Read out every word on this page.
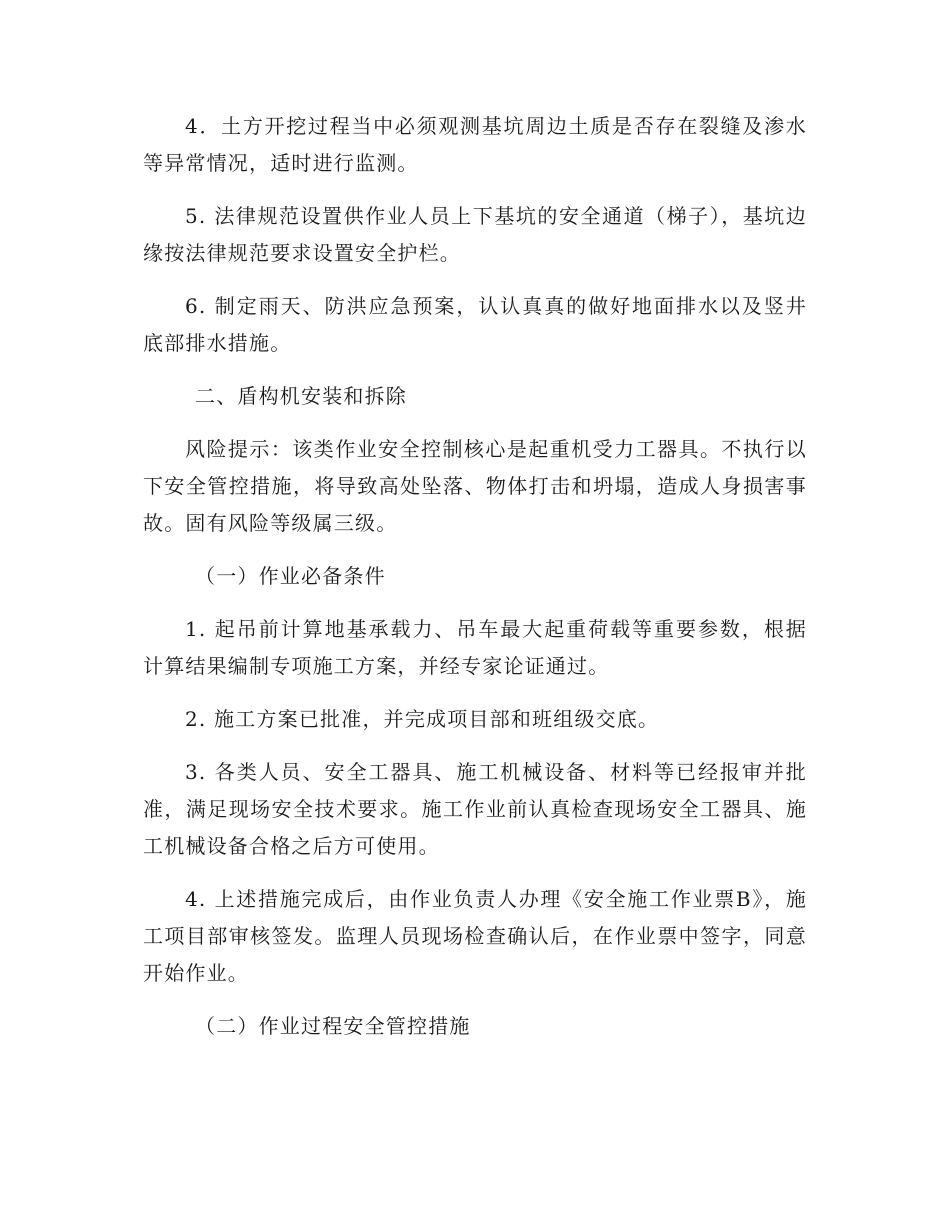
4．土方开挖过程当中必须观测基坑周边土质是否存在裂缝及渗水等异常情况，适时进行监测。

5. 法律规范设置供作业人员上下基坑的安全通道（梯子），基坑边缘按法律规范要求设置安全护栏。

6. 制定雨天、防洪应急预案，认认真真的做好地面排水以及竖井底部排水措施。

二、盾构机安装和拆除

风险提示：该类作业安全控制核心是起重机受力工器具。不执行以下安全管控措施，将导致高处坠落、物体打击和坍塌，造成人身损害事故。固有风险等级属三级。

（一）作业必备条件

1. 起吊前计算地基承载力、吊车最大起重荷载等重要参数，根据计算结果编制专项施工方案，并经专家论证通过。

2. 施工方案已批准，并完成项目部和班组级交底。

3. 各类人员、安全工器具、施工机械设备、材料等已经报审并批准，满足现场安全技术要求。施工作业前认真检查现场安全工器具、施工机械设备合格之后方可使用。

4. 上述措施完成后，由作业负责人办理《安全施工作业票B》，施工项目部审核签发。监理人员现场检查确认后，在作业票中签字，同意开始作业。

（二）作业过程安全管控措施
